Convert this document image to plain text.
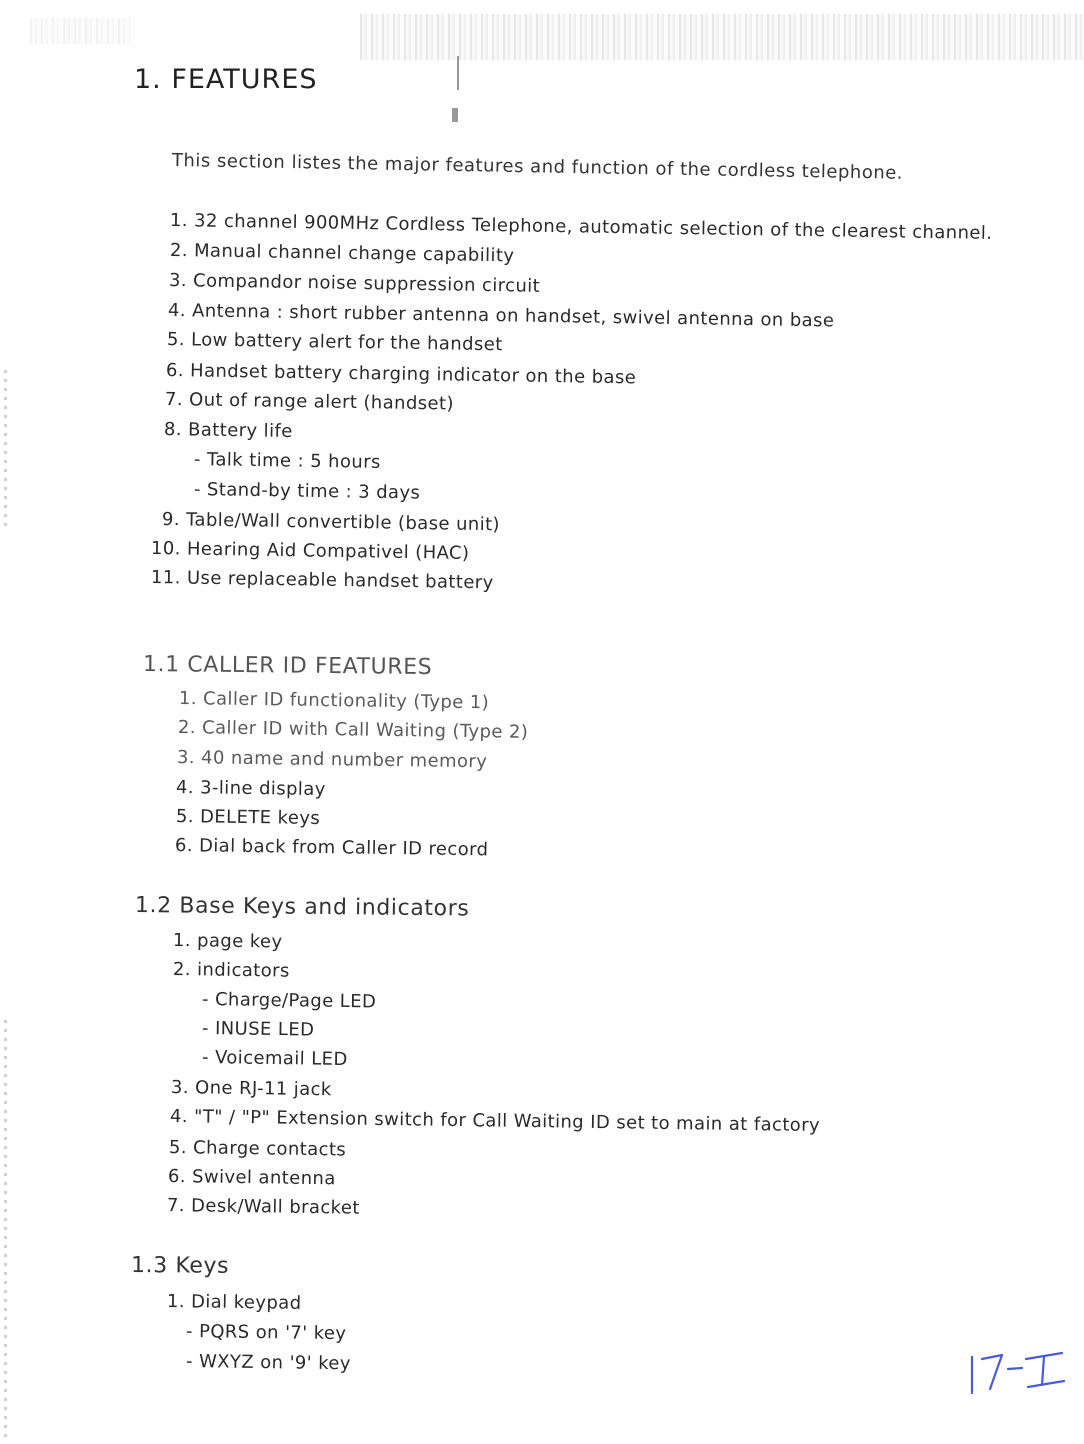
1. FEATURES
This section listes the major features and function of the cordless telephone.
1. 32 channel 900MHz Cordless Telephone, automatic selection of the clearest channel.
2. Manual channel change capability
3. Compandor noise suppression circuit
4. Antenna : short rubber antenna on handset, swivel antenna on base
5. Low battery alert for the handset
6. Handset battery charging indicator on the base
7. Out of range alert (handset)
8. Battery life
- Talk time : 5 hours
- Stand-by time : 3 days
9. Table/Wall convertible (base unit)
10. Hearing Aid Compativel (HAC)
11. Use replaceable handset battery
1.1 CALLER ID FEATURES
1. Caller ID functionality (Type 1)
2. Caller ID with Call Waiting (Type 2)
3. 40 name and number memory
4. 3-line display
5. DELETE keys
6. Dial back from Caller ID record
1.2 Base Keys and indicators
1. page key
2. indicators
- Charge/Page LED
- INUSE LED
- Voicemail LED
3. One RJ-11 jack
4. "T" / "P" Extension switch for Call Waiting ID set to main at factory
5. Charge contacts
6. Swivel antenna
7. Desk/Wall bracket
1.3 Keys
1. Dial keypad
- PQRS on '7' key
- WXYZ on '9' key
